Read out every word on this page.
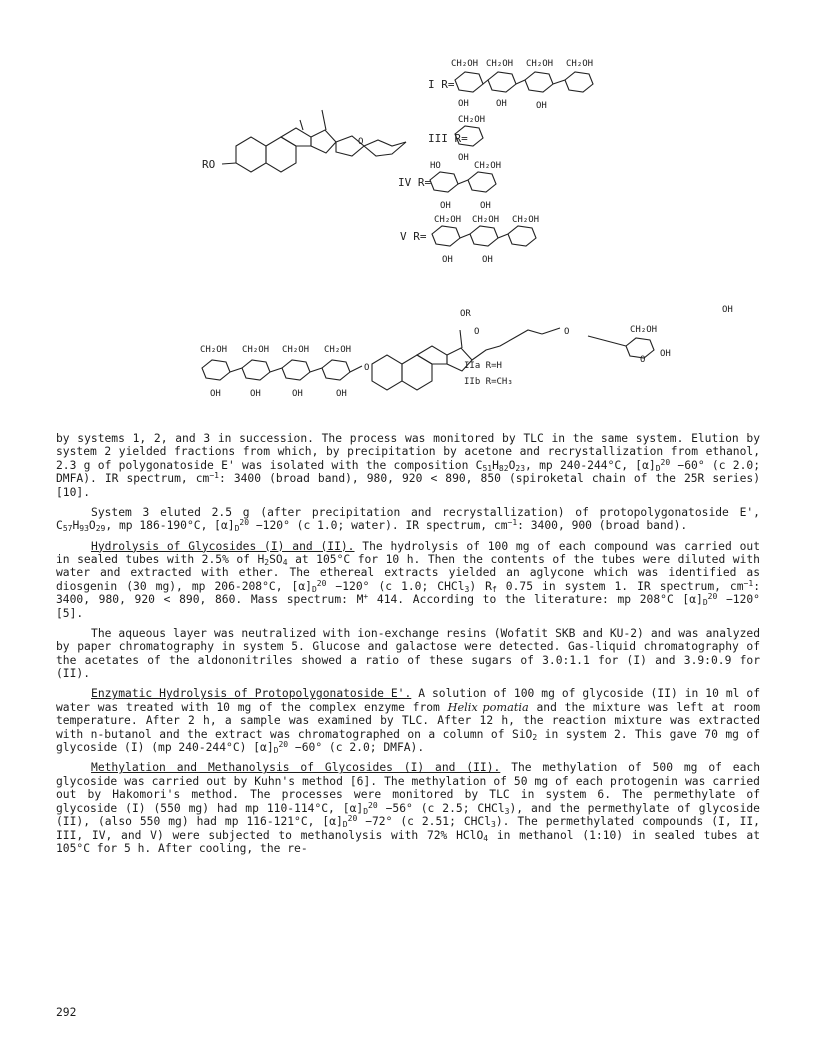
RO
O
I R=
CH₂OH CH₂OH CH₂OH CH₂OH
OH	OH	OH
III R=
CH₂OH
OH
IV R=
HO	CH₂OH
OH	OH
V R=
CH₂OH CH₂OH CH₂OH
OH	OH
CH₂OH CH₂OH CH₂OH CH₂OH
OH	OH	OH	OH
O
OR
O	O	CH₂OH
O
OH
OH
IIa R=H
IIb R=CH₃

by systems 1, 2, and 3 in succession. The process was monitored by TLC in the same system. Elution by system 2 yielded fractions from which, by precipitation by acetone and recrystallization from ethanol, 2.3 g of polygonatoside E' was isolated with the composition $C_{51}H_{82}O_{23}$, mp 240-244°C, $[\alpha]_D^{20} -60^\circ$ (c 2.0; DMFA). IR spectrum, $cm^{-1}$: 3400 (broad band), 980, 920 < 890, 850 (spiroketal chain of the 25R series) [10].

System 3 eluted 2.5 g (after precipitation and recrystallization) of protopolygonatoside E', $C_{57}H_{93}O_{29}$, mp 186-190°C, $[\alpha]_D^{20} -120^\circ$ (c 1.0; water). IR spectrum, $cm^{-1}$: 3400, 900 (broad band).

Hydrolysis of Glycosides (I) and (II). The hydrolysis of 100 mg of each compound was carried out in sealed tubes with 2.5% of $H_2SO_4$ at 105°C for 10 h. Then the contents of the tubes were diluted with water and extracted with ether. The ethereal extracts yielded an aglycone which was identified as diosgenin (30 mg), mp 206-208°C, $[\alpha]_D^{20} -120^\circ$ (c 1.0; CHCl$_3$) $R_f$ 0.75 in system 1. IR spectrum, $cm^{-1}$: 3400, 980, 920 < 890, 860. Mass spectrum: M+ 414. According to the literature: mp 208°C $[\alpha]_D^{20} -120^\circ$ [5].

The aqueous layer was neutralized with ion-exchange resins (Wofatit SKB and KU-2) and was analyzed by paper chromatography in system 5. Glucose and galactose were detected. Gas-liquid chromatography of the acetates of the aldononitriles showed a ratio of these sugars of 3.0:1.1 for (I) and 3.9:0.9 for (II).

Enzymatic Hydrolysis of Protopolygonatoside E'. A solution of 100 mg of glycoside (II) in 10 ml of water was treated with 10 mg of the complex enzyme from Helix pomatia and the mixture was left at room temperature. After 2 h, a sample was examined by TLC. After 12 h, the reaction mixture was extracted with n-butanol and the extract was chromatographed on a column of SiO$_2$ in system 2. This gave 70 mg of glycoside (I) (mp 240-244°C) $[\alpha]_D^{20} -60^\circ$ (c 2.0; DMFA).

Methylation and Methanolysis of Glycosides (I) and (II). The methylation of 500 mg of each glycoside was carried out by Kuhn's method [6]. The methylation of 50 mg of each protogenin was carried out by Hakomori's method. The processes were monitored by TLC in system 6. The permethylate of glycoside (I) (550 mg) had mp 110-114°C, $[\alpha]_D^{20} -56^\circ$ (c 2.5; CHCl$_3$), and the permethylate of glycoside (II), (also 550 mg) had mp 116-121°C, $[\alpha]_D^{20} -72^\circ$ (c 2.51; CHCl$_3$). The permethylated compounds (I, II, III, IV, and V) were subjected to methanolysis with 72% HClO$_4$ in methanol (1:10) in sealed tubes at 105°C for 5 h. After cooling, the re-

292
